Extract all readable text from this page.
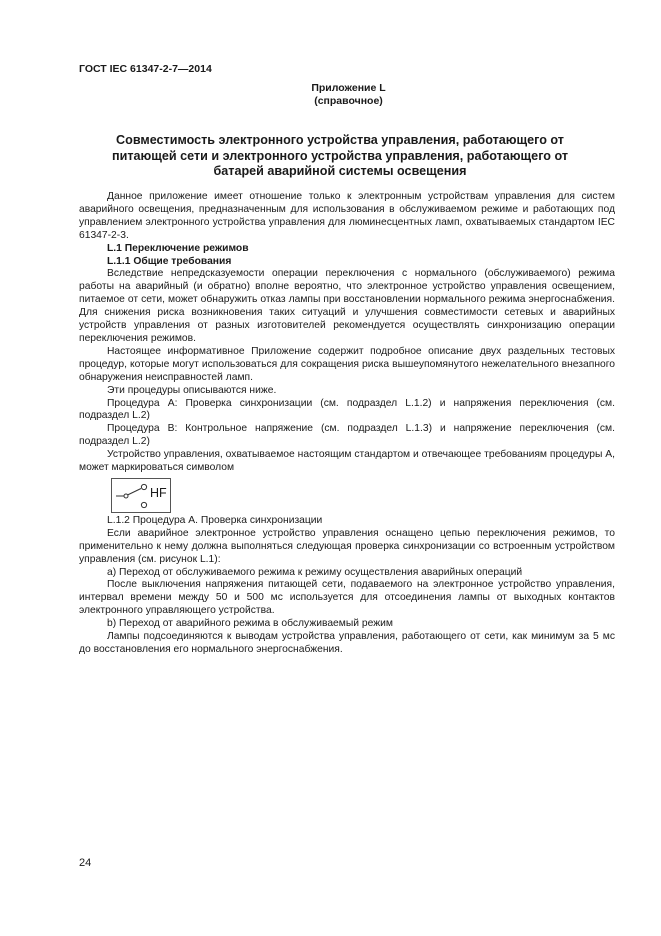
ГОСТ IEC 61347-2-7—2014
Приложение L
(справочное)
Совместимость электронного устройства управления, работающего от питающей сети и электронного устройства управления, работающего от батарей аварийной системы освещения

Данное приложение имеет отношение только к электронным устройствам управления для систем аварийного освещения, предназначенным для использования в обслуживаемом режиме и работающих под управлением электронного устройства управления для люминесцентных ламп, охватываемых стандартом IEC 61347-2-3.

L.1 Переключение режимов

L.1.1 Общие требования

Вследствие непредсказуемости операции переключения с нормального (обслуживаемого) режима работы на аварийный (и обратно) вполне вероятно, что электронное устройство управления освещением, питаемое от сети, может обнаружить отказ лампы при восстановлении нормального режима энергоснабжения. Для снижения риска возникновения таких ситуаций и улучшения совместимости сетевых и аварийных устройств управления от разных изготовителей рекомендуется осуществлять синхронизацию операции переключения режимов.

Настоящее информативное Приложение содержит подробное описание двух раздельных тестовых процедур, которые могут использоваться для сокращения риска вышеупомянутого нежелательного внезапного обнаружения неисправностей ламп.

Эти процедуры описываются ниже.

Процедура А: Проверка синхронизации (см. подраздел L.1.2) и напряжения переключения (см. подраздел L.2)

Процедура В: Контрольное напряжение (см. подраздел L.1.3) и напряжение переключения (см. подраздел L.2)

Устройство управления, охватываемое настоящим стандартом и отвечающее требованиям процедуры А, может маркироваться символом

HF

L.1.2 Процедура А. Проверка синхронизации

Если аварийное электронное устройство управления оснащено цепью переключения режимов, то применительно к нему должна выполняться следующая проверка синхронизации со встроенным устройством управления (см. рисунок L.1):

a) Переход от обслуживаемого режима к режиму осуществления аварийных операций

После выключения напряжения питающей сети, подаваемого на электронное устройство управления, интервал времени между 50 и 500 мс используется для отсоединения лампы от выходных контактов электронного управляющего устройства.

b) Переход от аварийного режима в обслуживаемый режим

Лампы подсоединяются к выводам устройства управления, работающего от сети, как минимум за 5 мс до восстановления его нормального энергоснабжения.

24
